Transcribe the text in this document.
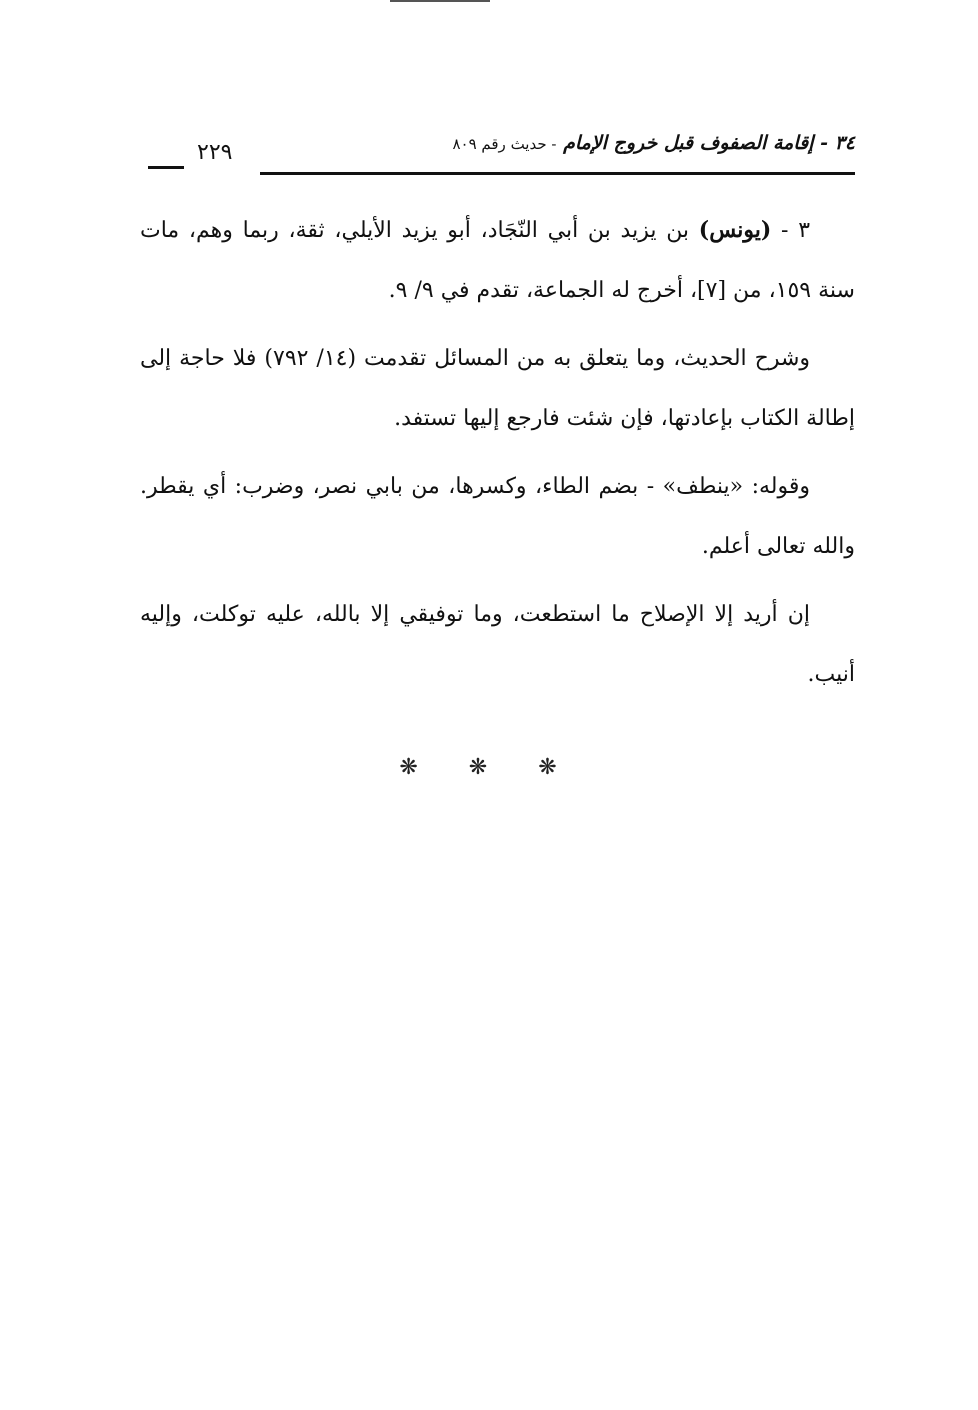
٣٤ - إقامة الصفوف قبل خروج الإمام - حديث رقم ٨٠٩
٢٢٩

٣ - (يونس) بن يزيد بن أبي النّجَاد، أبو يزيد الأيلي، ثقة، ربما وهم، مات سنة ١٥٩، من [٧]، أخرج له الجماعة، تقدم في ٩/ ٩.

وشرح الحديث، وما يتعلق به من المسائل تقدمت (١٤/ ٧٩٢) فلا حاجة إلى إطالة الكتاب بإعادتها، فإن شئت فارجع إليها تستفد.

وقوله: «ينطف» - بضم الطاء، وكسرها، من بابي نصر، وضرب: أي يقطر. والله تعالى أعلم.

إن أريد إلا الإصلاح ما استطعت، وما توفيقي إلا بالله، عليه توكلت، وإليه أنيب.

❋ ❋ ❋
